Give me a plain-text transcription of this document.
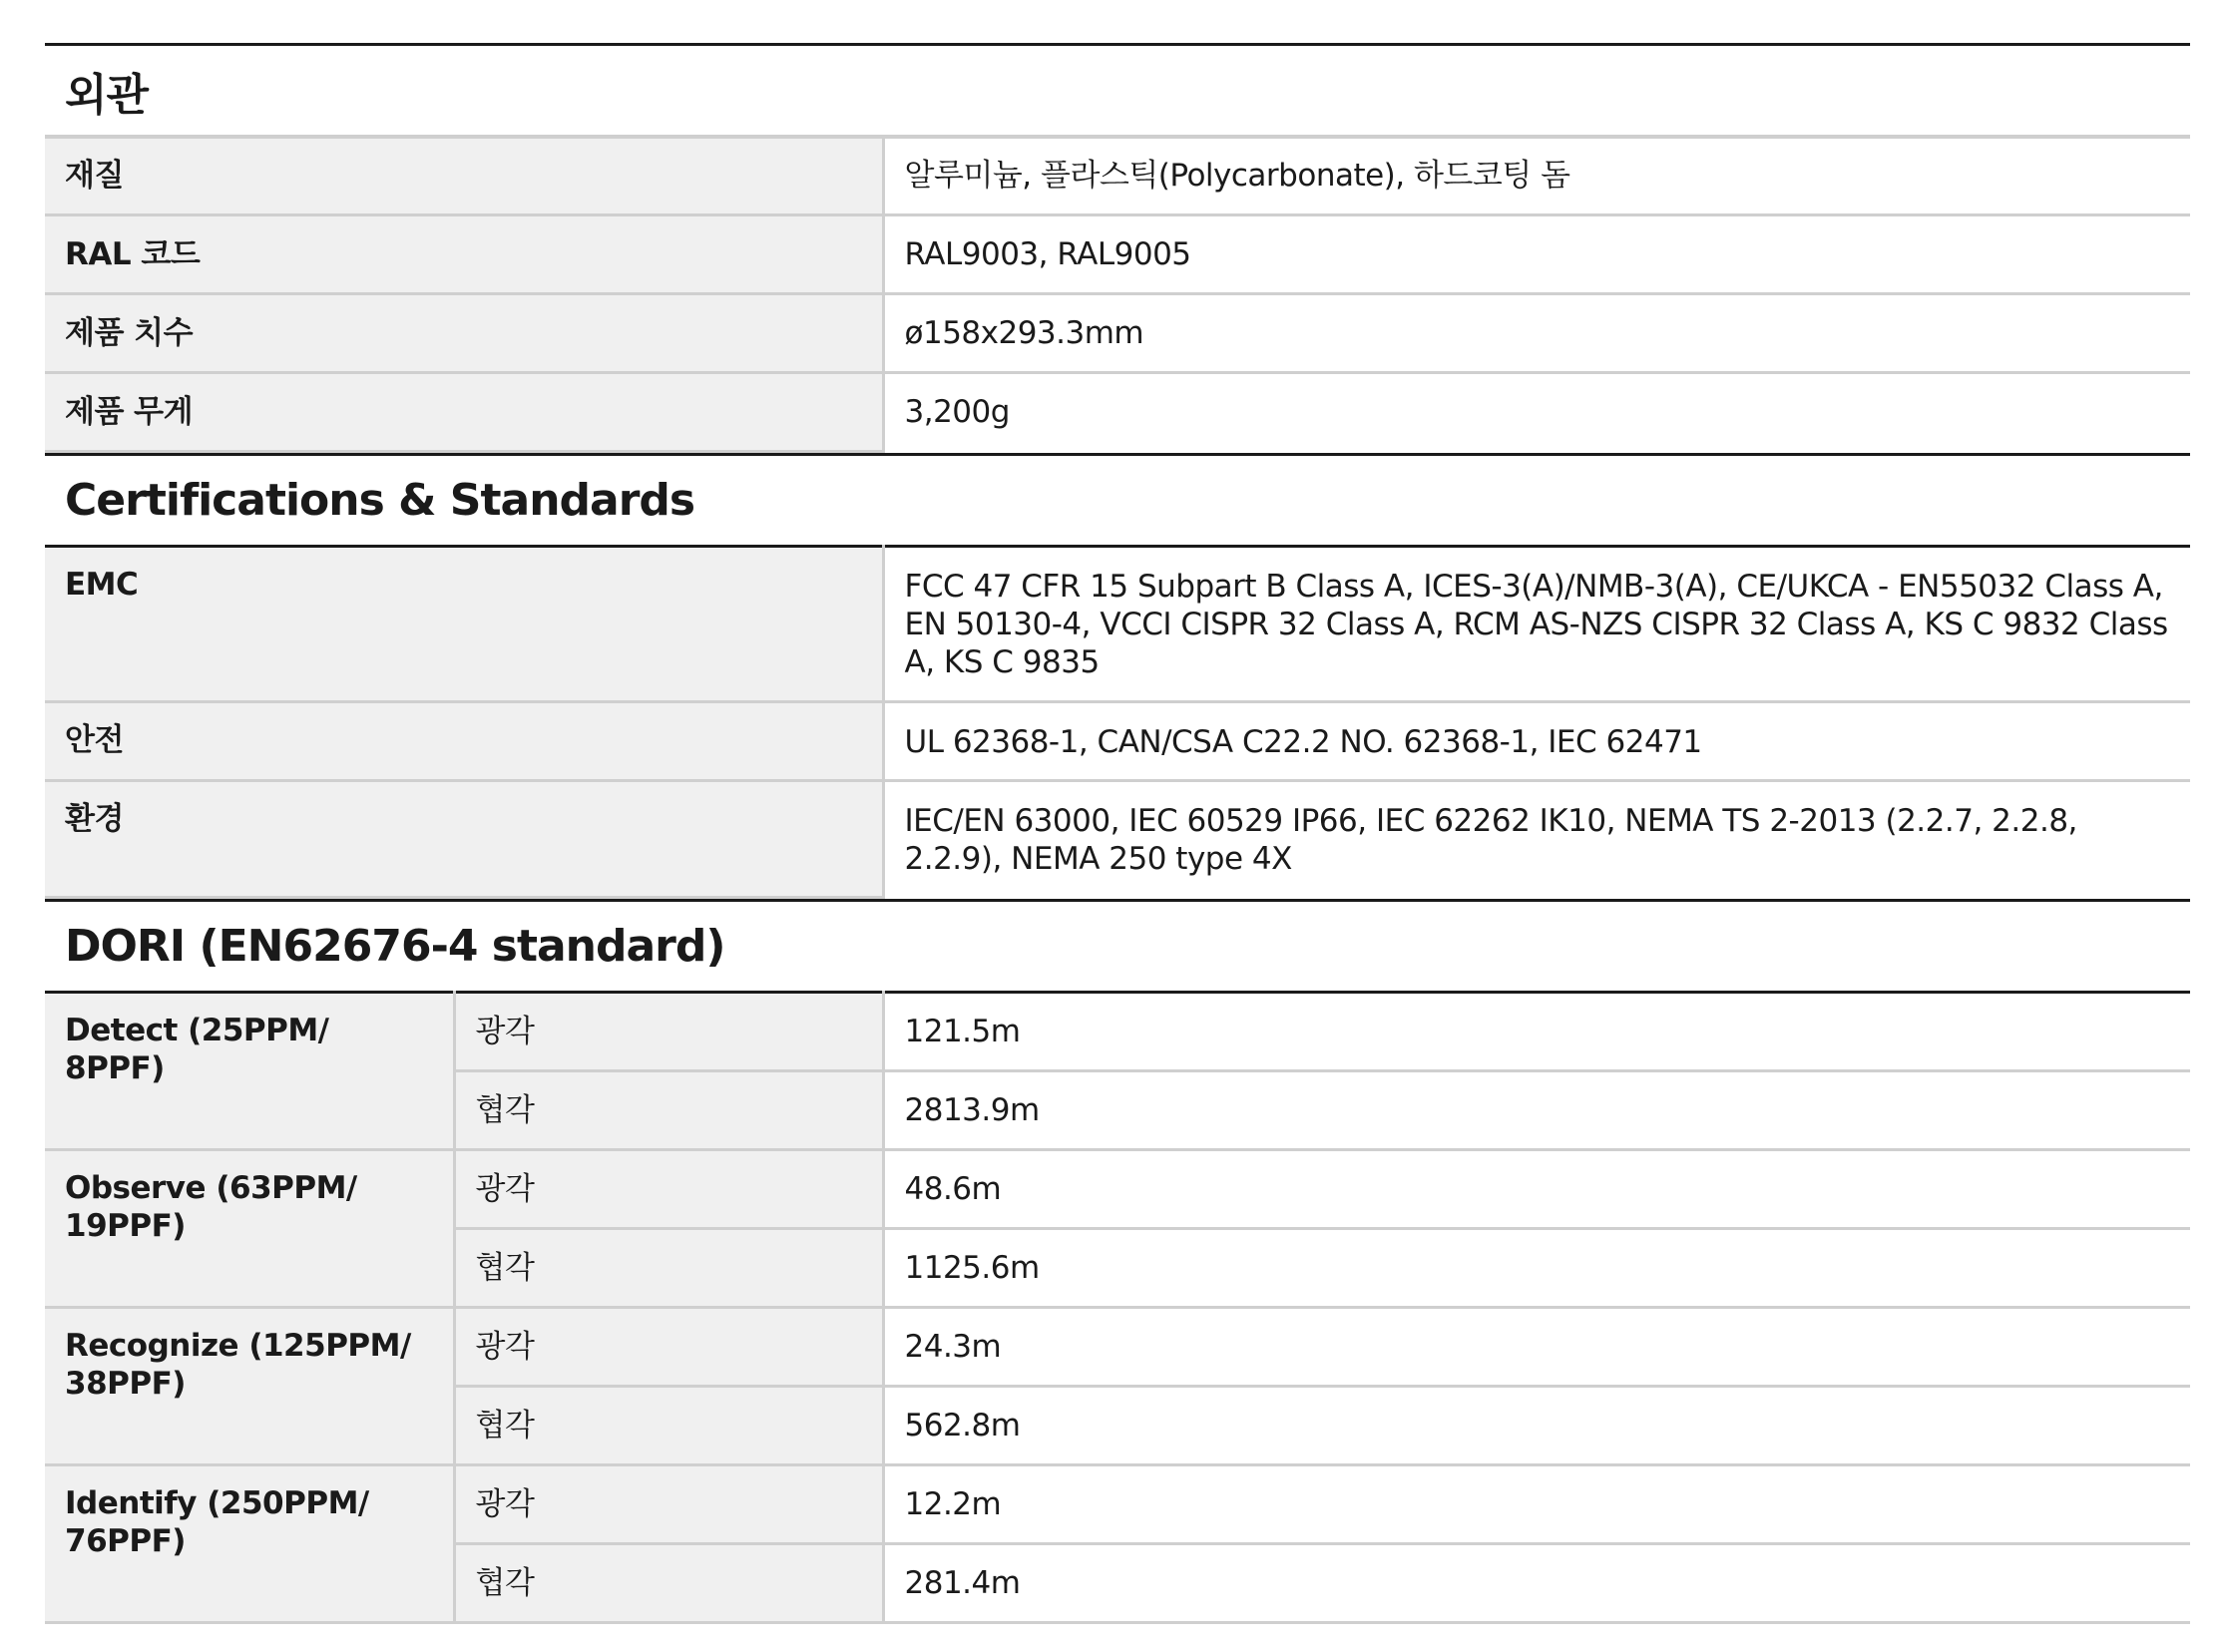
외관
재질	알루미늄, 플라스틱(Polycarbonate), 하드코팅 돔
RAL 코드	RAL9003, RAL9005
제품 치수	ø158x293.3mm
제품 무게	3,200g
Certifications & Standards
EMC	FCC 47 CFR 15 Subpart B Class A, ICES-3(A)/NMB-3(A), CE/UKCA - EN55032 Class A, EN 50130-4, VCCI CISPR 32 Class A, RCM AS-NZS CISPR 32 Class A, KS C 9832 Class A, KS C 9835
안전	UL 62368-1, CAN/CSA C22.2 NO. 62368-1, IEC 62471
환경	IEC/EN 63000, IEC 60529 IP66, IEC 62262 IK10, NEMA TS 2-2013 (2.2.7, 2.2.8, 2.2.9), NEMA 250 type 4X
DORI (EN62676-4 standard)
Detect (25PPM/ 8PPF)	광각	121.5m
	협각	2813.9m
Observe (63PPM/ 19PPF)	광각	48.6m
	협각	1125.6m
Recognize (125PPM/ 38PPF)	광각	24.3m
	협각	562.8m
Identify (250PPM/ 76PPF)	광각	12.2m
	협각	281.4m
